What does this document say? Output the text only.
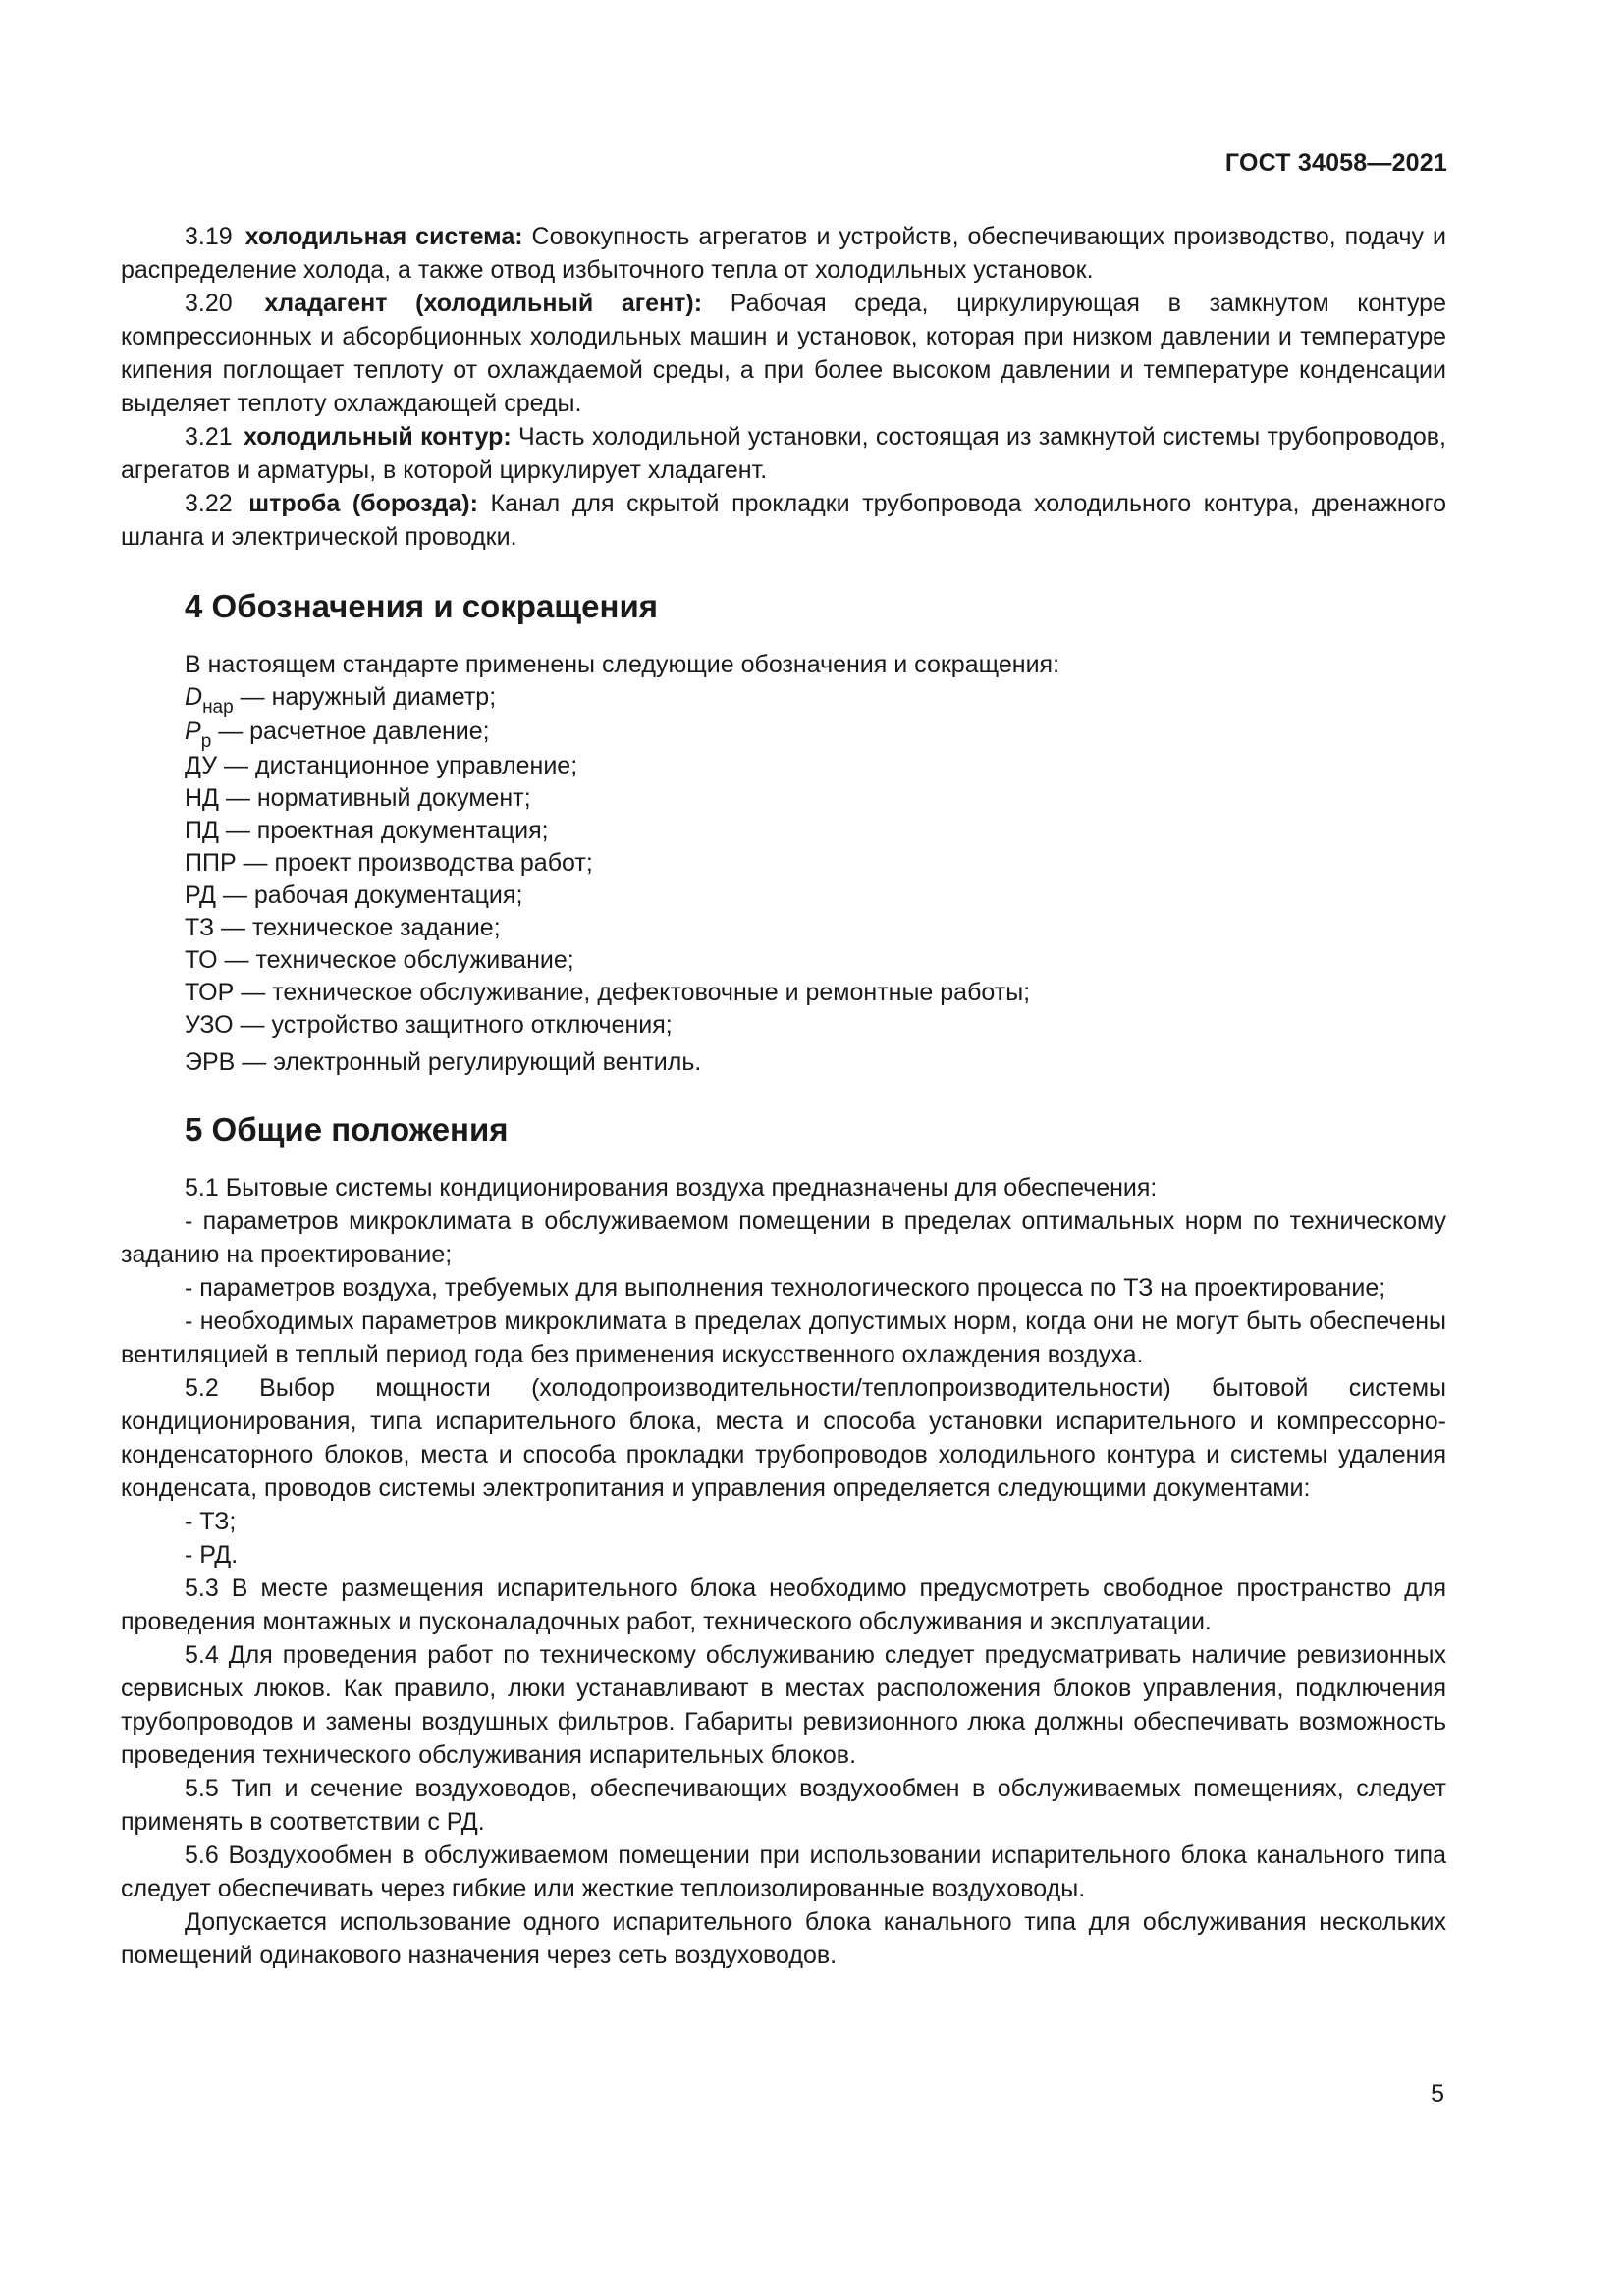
ГОСТ 34058—2021

3.19 холодильная система: Совокупность агрегатов и устройств, обеспечивающих производство, подачу и распределение холода, а также отвод избыточного тепла от холодильных установок.

3.20 хладагент (холодильный агент): Рабочая среда, циркулирующая в замкнутом контуре компрессионных и абсорбционных холодильных машин и установок, которая при низком давлении и температуре кипения поглощает теплоту от охлаждаемой среды, а при более высоком давлении и температуре конденсации выделяет теплоту охлаждающей среды.

3.21 холодильный контур: Часть холодильной установки, состоящая из замкнутой системы трубопроводов, агрегатов и арматуры, в которой циркулирует хладагент.

3.22 штроба (борозда): Канал для скрытой прокладки трубопровода холодильного контура, дренажного шланга и электрической проводки.

4 Обозначения и сокращения

В настоящем стандарте применены следующие обозначения и сокращения:

$D_{нар}$ — наружный диаметр;

$P_р$ — расчетное давление;

ДУ — дистанционное управление;

НД — нормативный документ;

ПД — проектная документация;

ППР — проект производства работ;

РД — рабочая документация;

ТЗ — техническое задание;

ТО — техническое обслуживание;

ТОР — техническое обслуживание, дефектовочные и ремонтные работы;

УЗО — устройство защитного отключения;

ЭРВ — электронный регулирующий вентиль.

5 Общие положения

5.1 Бытовые системы кондиционирования воздуха предназначены для обеспечения:

- параметров микроклимата в обслуживаемом помещении в пределах оптимальных норм по техническому заданию на проектирование;

- параметров воздуха, требуемых для выполнения технологического процесса по ТЗ на проектирование;

- необходимых параметров микроклимата в пределах допустимых норм, когда они не могут быть обеспечены вентиляцией в теплый период года без применения искусственного охлаждения воздуха.

5.2 Выбор мощности (холодопроизводительности/теплопроизводительности) бытовой системы кондиционирования, типа испарительного блока, места и способа установки испарительного и компрессорно-конденсаторного блоков, места и способа прокладки трубопроводов холодильного контура и системы удаления конденсата, проводов системы электропитания и управления определяется следующими документами:

- ТЗ;

- РД.

5.3 В месте размещения испарительного блока необходимо предусмотреть свободное пространство для проведения монтажных и пусконаладочных работ, технического обслуживания и эксплуатации.

5.4 Для проведения работ по техническому обслуживанию следует предусматривать наличие ревизионных сервисных люков. Как правило, люки устанавливают в местах расположения блоков управления, подключения трубопроводов и замены воздушных фильтров. Габариты ревизионного люка должны обеспечивать возможность проведения технического обслуживания испарительных блоков.

5.5 Тип и сечение воздуховодов, обеспечивающих воздухообмен в обслуживаемых помещениях, следует применять в соответствии с РД.

5.6 Воздухообмен в обслуживаемом помещении при использовании испарительного блока канального типа следует обеспечивать через гибкие или жесткие теплоизолированные воздуховоды.

Допускается использование одного испарительного блока канального типа для обслуживания нескольких помещений одинакового назначения через сеть воздуховодов.

5
